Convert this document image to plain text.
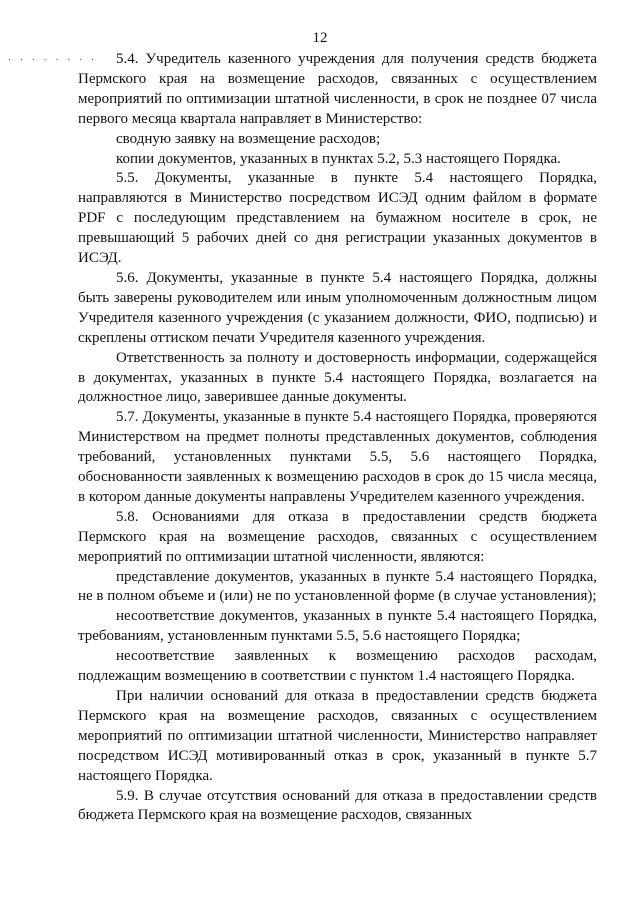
12
· · · · · · · ·	5.4. Учредитель казенного учреждения для получения средств бюджета Пермского края на возмещение расходов, связанных с осуществлением мероприятий по оптимизации штатной численности, в срок не позднее 07 числа первого месяца квартала направляет в Министерство:

сводную заявку на возмещение расходов;

копии документов, указанных в пунктах 5.2, 5.3 настоящего Порядка.

5.5. Документы, указанные в пункте 5.4 настоящего Порядка, направляются в Министерство посредством ИСЭД одним файлом в формате PDF с последующим представлением на бумажном носителе в срок, не превышающий 5 рабочих дней со дня регистрации указанных документов в ИСЭД.

5.6. Документы, указанные в пункте 5.4 настоящего Порядка, должны быть заверены руководителем или иным уполномоченным должностным лицом Учредителя казенного учреждения (с указанием должности, ФИО, подписью) и скреплены оттиском печати Учредителя казенного учреждения.

Ответственность за полноту и достоверность информации, содержащейся в документах, указанных в пункте 5.4 настоящего Порядка, возлагается на должностное лицо, заверившее данные документы.

5.7. Документы, указанные в пункте 5.4 настоящего Порядка, проверяются Министерством на предмет полноты представленных документов, соблюдения требований, установленных пунктами 5.5, 5.6 настоящего Порядка, обоснованности заявленных к возмещению расходов в срок до 15 числа месяца, в котором данные документы направлены Учредителем казенного учреждения.

5.8. Основаниями для отказа в предоставлении средств бюджета Пермского края на возмещение расходов, связанных с осуществлением мероприятий по оптимизации штатной численности, являются:

представление документов, указанных в пункте 5.4 настоящего Порядка, не в полном объеме и (или) не по установленной форме (в случае установления);

несоответствие документов, указанных в пункте 5.4 настоящего Порядка, требованиям, установленным пунктами 5.5, 5.6 настоящего Порядка;

несоответствие заявленных к возмещению расходов расходам, подлежащим возмещению в соответствии с пунктом 1.4 настоящего Порядка.

При наличии оснований для отказа в предоставлении средств бюджета Пермского края на возмещение расходов, связанных с осуществлением мероприятий по оптимизации штатной численности, Министерство направляет посредством ИСЭД мотивированный отказ в срок, указанный в пункте 5.7 настоящего Порядка.

5.9. В случае отсутствия оснований для отказа в предоставлении средств бюджета Пермского края на возмещение расходов, связанных
